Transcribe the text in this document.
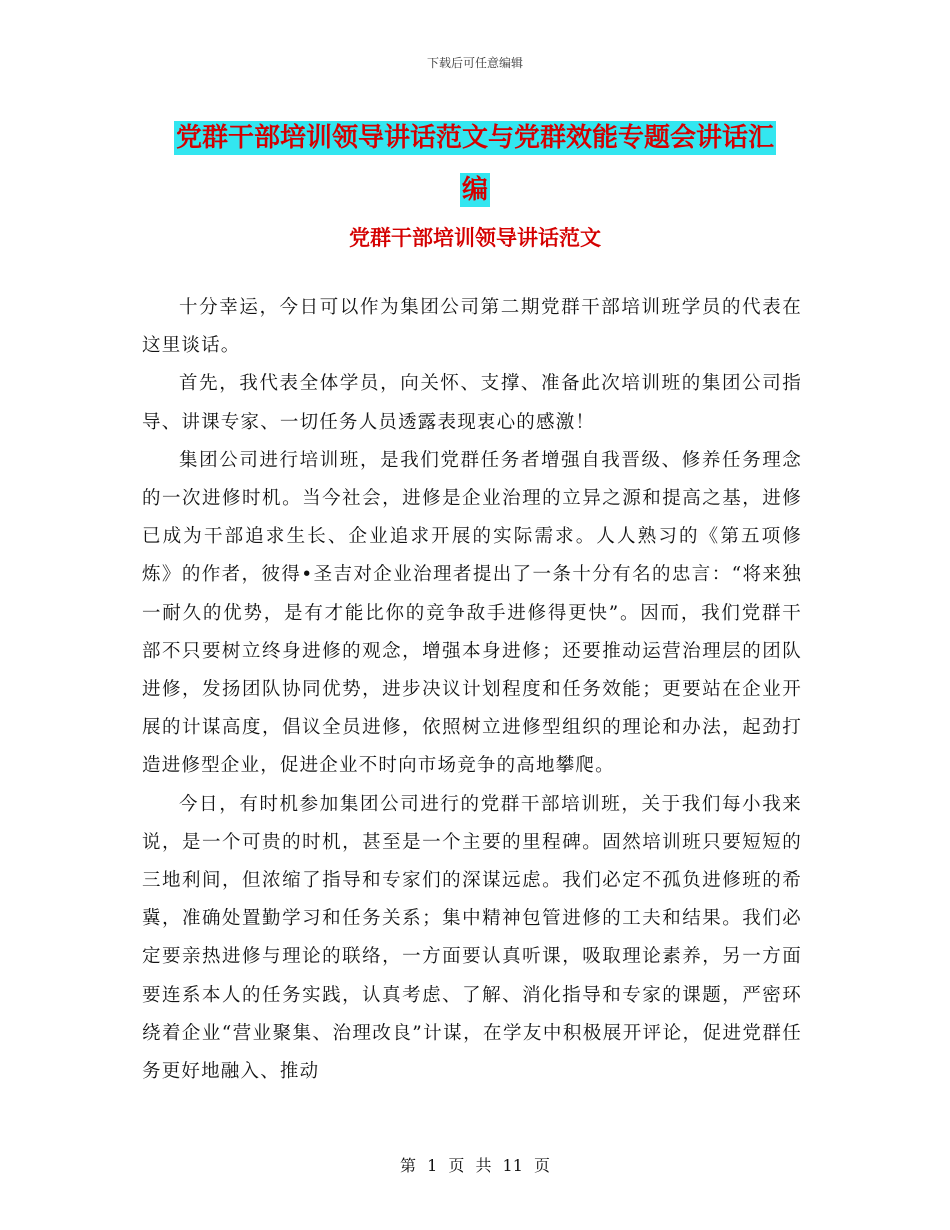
下载后可任意编辑
党群干部培训领导讲话范文与党群效能专题会讲话汇
编
党群干部培训领导讲话范文

十分幸运，今日可以作为集团公司第二期党群干部培训班学员的代表在这里谈话。

首先，我代表全体学员，向关怀、支撑、准备此次培训班的集团公司指导、讲课专家、一切任务人员透露表现衷心的感激！

集团公司进行培训班，是我们党群任务者增强自我晋级、修养任务理念的一次进修时机。当今社会，进修是企业治理的立异之源和提高之基，进修已成为干部追求生长、企业追求开展的实际需求。人人熟习的《第五项修炼》的作者，彼得•圣吉对企业治理者提出了一条十分有名的忠言：“将来独一耐久的优势，是有才能比你的竞争敌手进修得更快”。因而，我们党群干部不只要树立终身进修的观念，增强本身进修；还要推动运营治理层的团队进修，发扬团队协同优势，进步决议计划程度和任务效能；更要站在企业开展的计谋高度，倡议全员进修，依照树立进修型组织的理论和办法，起劲打造进修型企业，促进企业不时向市场竞争的高地攀爬。

今日，有时机参加集团公司进行的党群干部培训班，关于我们每小我来说，是一个可贵的时机，甚至是一个主要的里程碑。固然培训班只要短短的三地利间，但浓缩了指导和专家们的深谋远虑。我们必定不孤负进修班的希冀，准确处置勤学习和任务关系；集中精神包管进修的工夫和结果。我们必定要亲热进修与理论的联络，一方面要认真听课，吸取理论素养，另一方面要连系本人的任务实践，认真考虑、了解、消化指导和专家的课题，严密环绕着企业“营业聚集、治理改良”计谋，在学友中积极展开评论，促进党群任务更好地融入、推动

第 1 页 共 11 页
